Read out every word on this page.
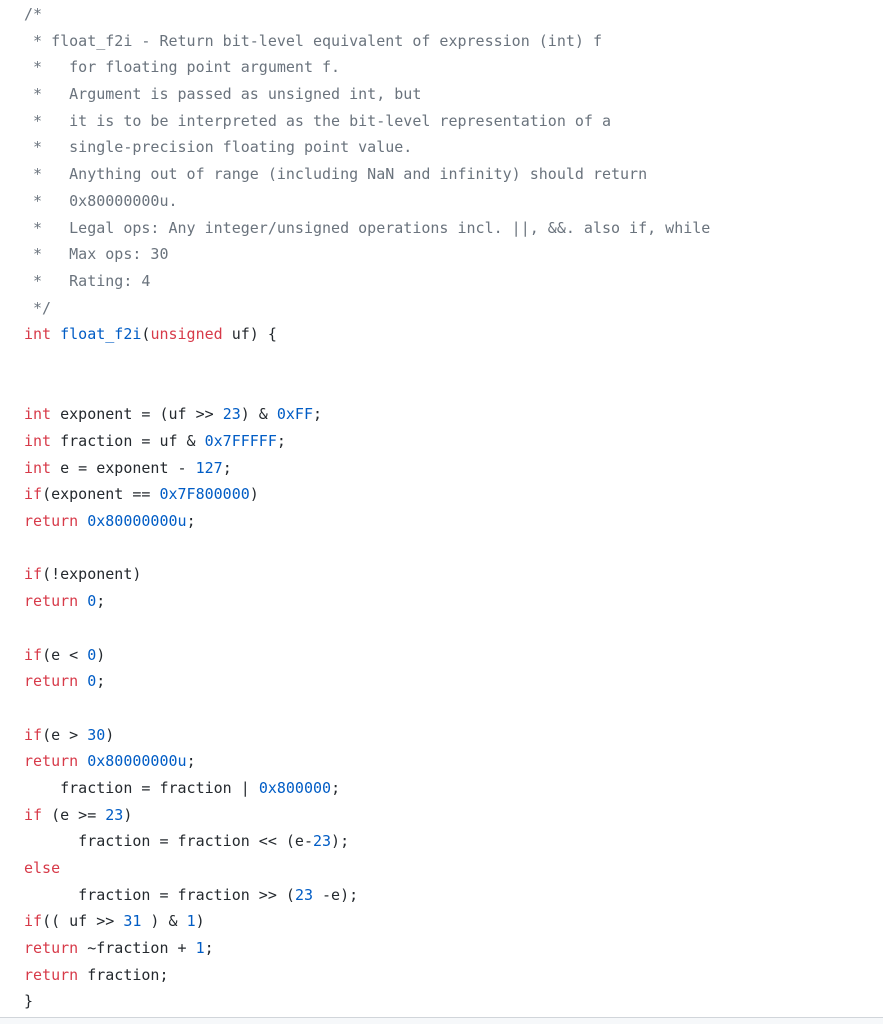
/*
* float_f2i - Return bit-level equivalent of expression (int) f
*   for floating point argument f.
*   Argument is passed as unsigned int, but
*   it is to be interpreted as the bit-level representation of a
*   single-precision floating point value.
*   Anything out of range (including NaN and infinity) should return
*   0x80000000u.
*   Legal ops: Any integer/unsigned operations incl. ||, &&. also if, while
*   Max ops: 30
*   Rating: 4
*/
int float_f2i(unsigned uf) {
int exponent = (uf >> 23) & 0xFF;
int fraction = uf & 0x7FFFFF;
int e = exponent - 127;
if(exponent == 0x7F800000)
return 0x80000000u;
if(!exponent)
return 0;
if(e < 0)
return 0;
if(e > 30)
return 0x80000000u;
fraction = fraction | 0x800000;
if (e >= 23)
fraction = fraction << (e-23);
else
fraction = fraction >> (23 -e);
if(( uf >> 31 ) & 1)
return ~fraction + 1;
return fraction;
}
